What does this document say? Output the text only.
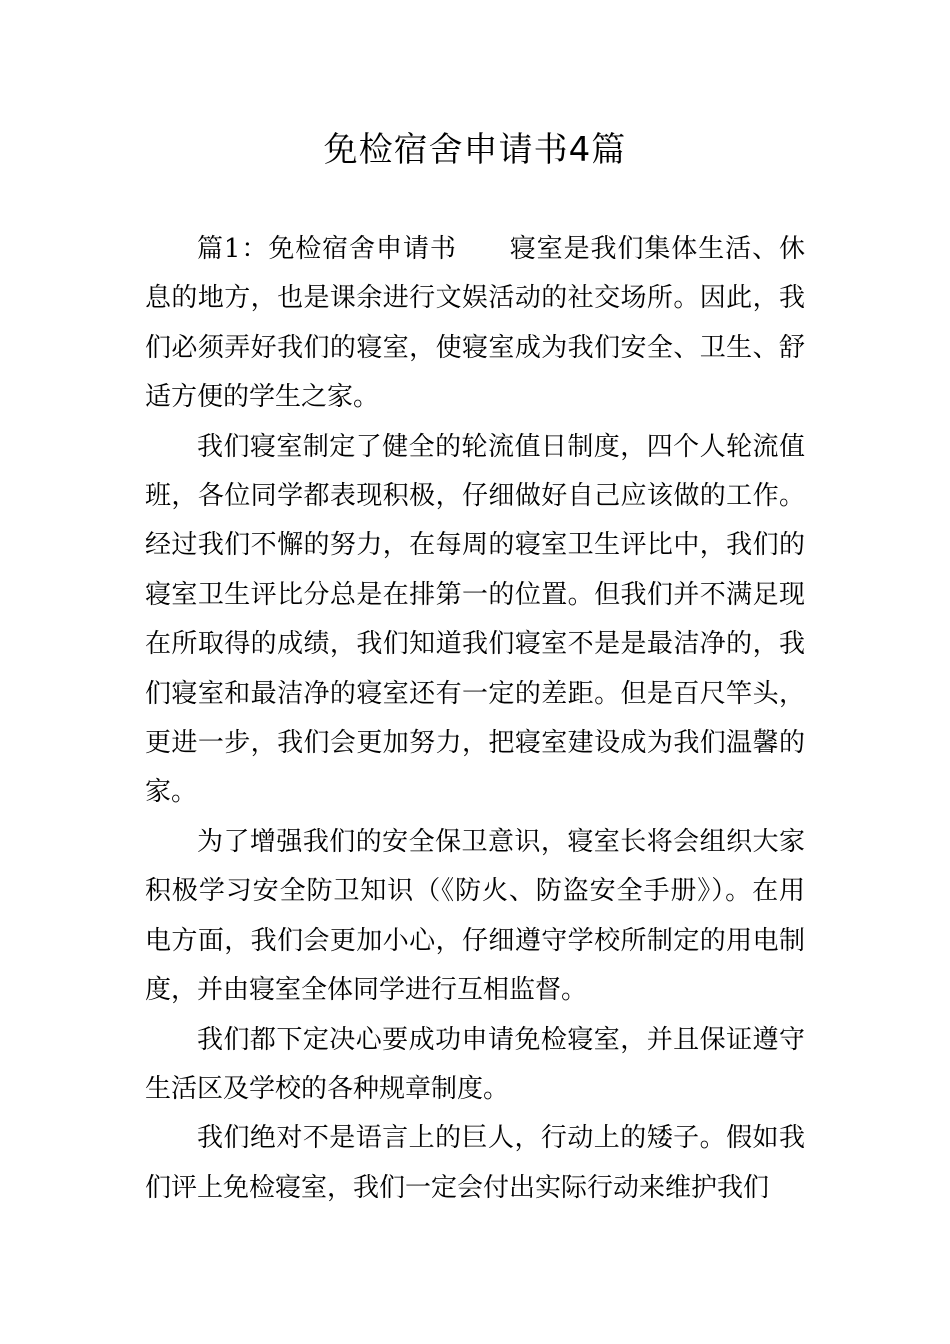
免检宿舍申请书4篇

篇1：免检宿舍申请书 寝室是我们集体生活、休息的地方，也是课余进行文娱活动的社交场所。因此，我们必须弄好我们的寝室，使寝室成为我们安全、卫生、舒适方便的学生之家。

我们寝室制定了健全的轮流值日制度，四个人轮流值班，各位同学都表现积极，仔细做好自己应该做的工作。经过我们不懈的努力，在每周的寝室卫生评比中，我们的寝室卫生评比分总是在排第一的位置。但我们并不满足现在所取得的成绩，我们知道我们寝室不是是最洁净的，我们寝室和最洁净的寝室还有一定的差距。但是百尺竿头，更进一步，我们会更加努力，把寝室建设成为我们温馨的家。

为了增强我们的安全保卫意识，寝室长将会组织大家积极学习安全防卫知识（《防火、防盗安全手册》）。在用电方面，我们会更加小心，仔细遵守学校所制定的用电制度，并由寝室全体同学进行互相监督。

我们都下定决心要成功申请免检寝室，并且保证遵守生活区及学校的各种规章制度。

我们绝对不是语言上的巨人，行动上的矮子。假如我们评上免检寝室，我们一定会付出实际行动来维护我们
